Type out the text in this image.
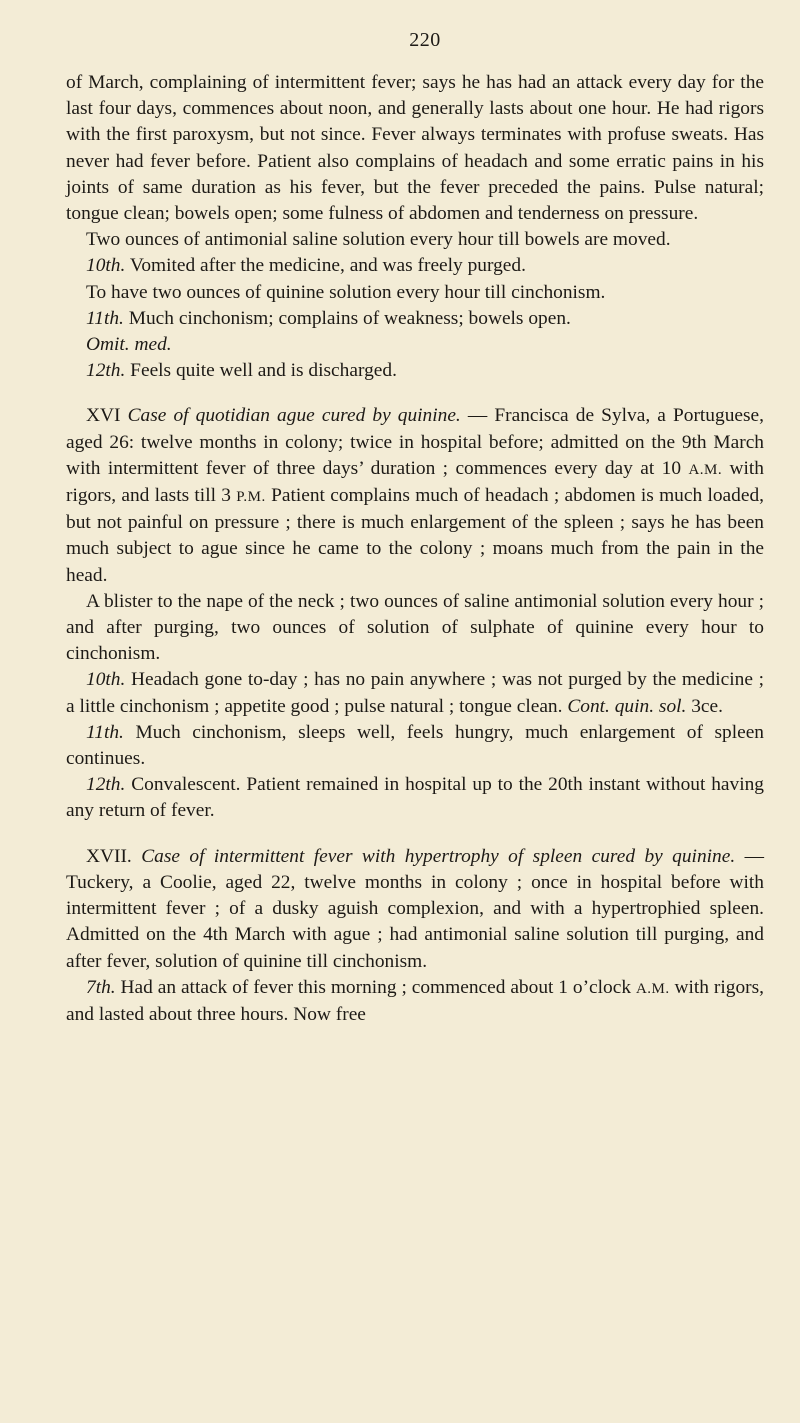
220

of March, complaining of intermittent fever; says he has had an attack every day for the last four days, commences about noon, and generally lasts about one hour. He had rigors with the first paroxysm, but not since. Fever always terminates with profuse sweats. Has never had fever before. Patient also complains of headach and some erratic pains in his joints of same duration as his fever, but the fever preceded the pains. Pulse natural; tongue clean; bowels open; some fulness of abdomen and tenderness on pressure.

Two ounces of antimonial saline solution every hour till bowels are moved.

10th. Vomited after the medicine, and was freely purged.

To have two ounces of quinine solution every hour till cinchonism.

11th. Much cinchonism; complains of weakness; bowels open.

Omit. med.

12th. Feels quite well and is discharged.

XVI Case of quotidian ague cured by quinine. — Francisca de Sylva, a Portuguese, aged 26: twelve months in colony; twice in hospital before; admitted on the 9th March with intermittent fever of three days’ duration ; commences every day at 10 A.M. with rigors, and lasts till 3 P.M. Patient complains much of headach ; abdomen is much loaded, but not painful on pressure ; there is much enlargement of the spleen ; says he has been much subject to ague since he came to the colony ; moans much from the pain in the head.

A blister to the nape of the neck ; two ounces of saline antimonial solution every hour ; and after purging, two ounces of solution of sulphate of quinine every hour to cinchonism.

10th. Headach gone to-day ; has no pain anywhere ; was not purged by the medicine ; a little cinchonism ; appetite good ; pulse natural ; tongue clean. Cont. quin. sol. 3ce.

11th. Much cinchonism, sleeps well, feels hungry, much enlargement of spleen continues.

12th. Convalescent. Patient remained in hospital up to the 20th instant without having any return of fever.

XVII. Case of intermittent fever with hypertrophy of spleen cured by quinine. — Tuckery, a Coolie, aged 22, twelve months in colony ; once in hospital before with intermittent fever ; of a dusky aguish complexion, and with a hypertrophied spleen. Admitted on the 4th March with ague ; had antimonial saline solution till purging, and after fever, solution of quinine till cinchonism.

7th. Had an attack of fever this morning ; commenced about 1 o’clock A.M. with rigors, and lasted about three hours. Now free
